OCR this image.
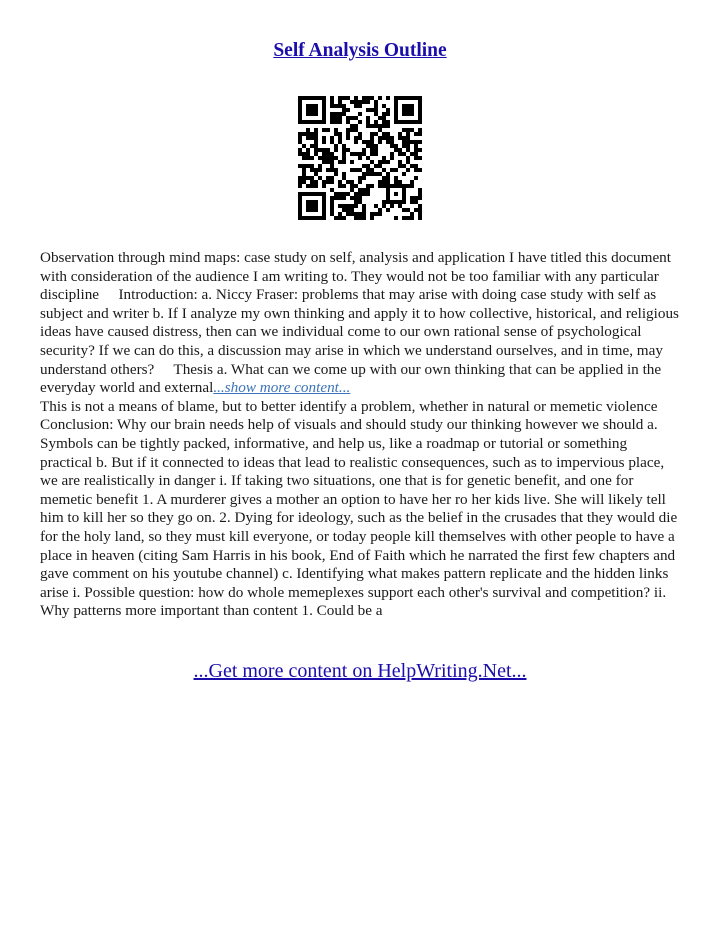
Self Analysis Outline

Observation through mind maps: case study on self, analysis and application I have titled this document with consideration of the audience I am writing to. They would not be too familiar with any particular discipline   Introduction: a. Niccy Fraser: problems that may arise with doing case study with self as subject and writer b. If I analyze my own thinking and apply it to how collective, historical, and religious ideas have caused distress, then can we individual come to our own rational sense of psychological security? If we can do this, a discussion may arise in which we understand ourselves, and in time, may understand others?   Thesis a. What can we come up with our own thinking that can be applied in the everyday world and external...show more content...

This is not a means of blame, but to better identify a problem, whether in natural or memetic violence   Conclusion: Why our brain needs help of visuals and should study our thinking however we should a. Symbols can be tightly packed, informative, and help us, like a roadmap or tutorial or something practical b. But if it connected to ideas that lead to realistic consequences, such as to impervious place, we are realistically in danger i. If taking two situations, one that is for genetic benefit, and one for memetic benefit 1. A murderer gives a mother an option to have her ro her kids live. She will likely tell him to kill her so they go on. 2. Dying for ideology, such as the belief in the crusades that they would die for the holy land, so they must kill everyone, or today people kill themselves with other people to have a place in heaven (citing Sam Harris in his book, End of Faith which he narrated the first few chapters and gave comment on his youtube channel) c. Identifying what makes pattern replicate and the hidden links arise i. Possible question: how do whole memeplexes support each other's survival and competition? ii. Why patterns more important than content 1. Could be a

...Get more content on HelpWriting.Net...
